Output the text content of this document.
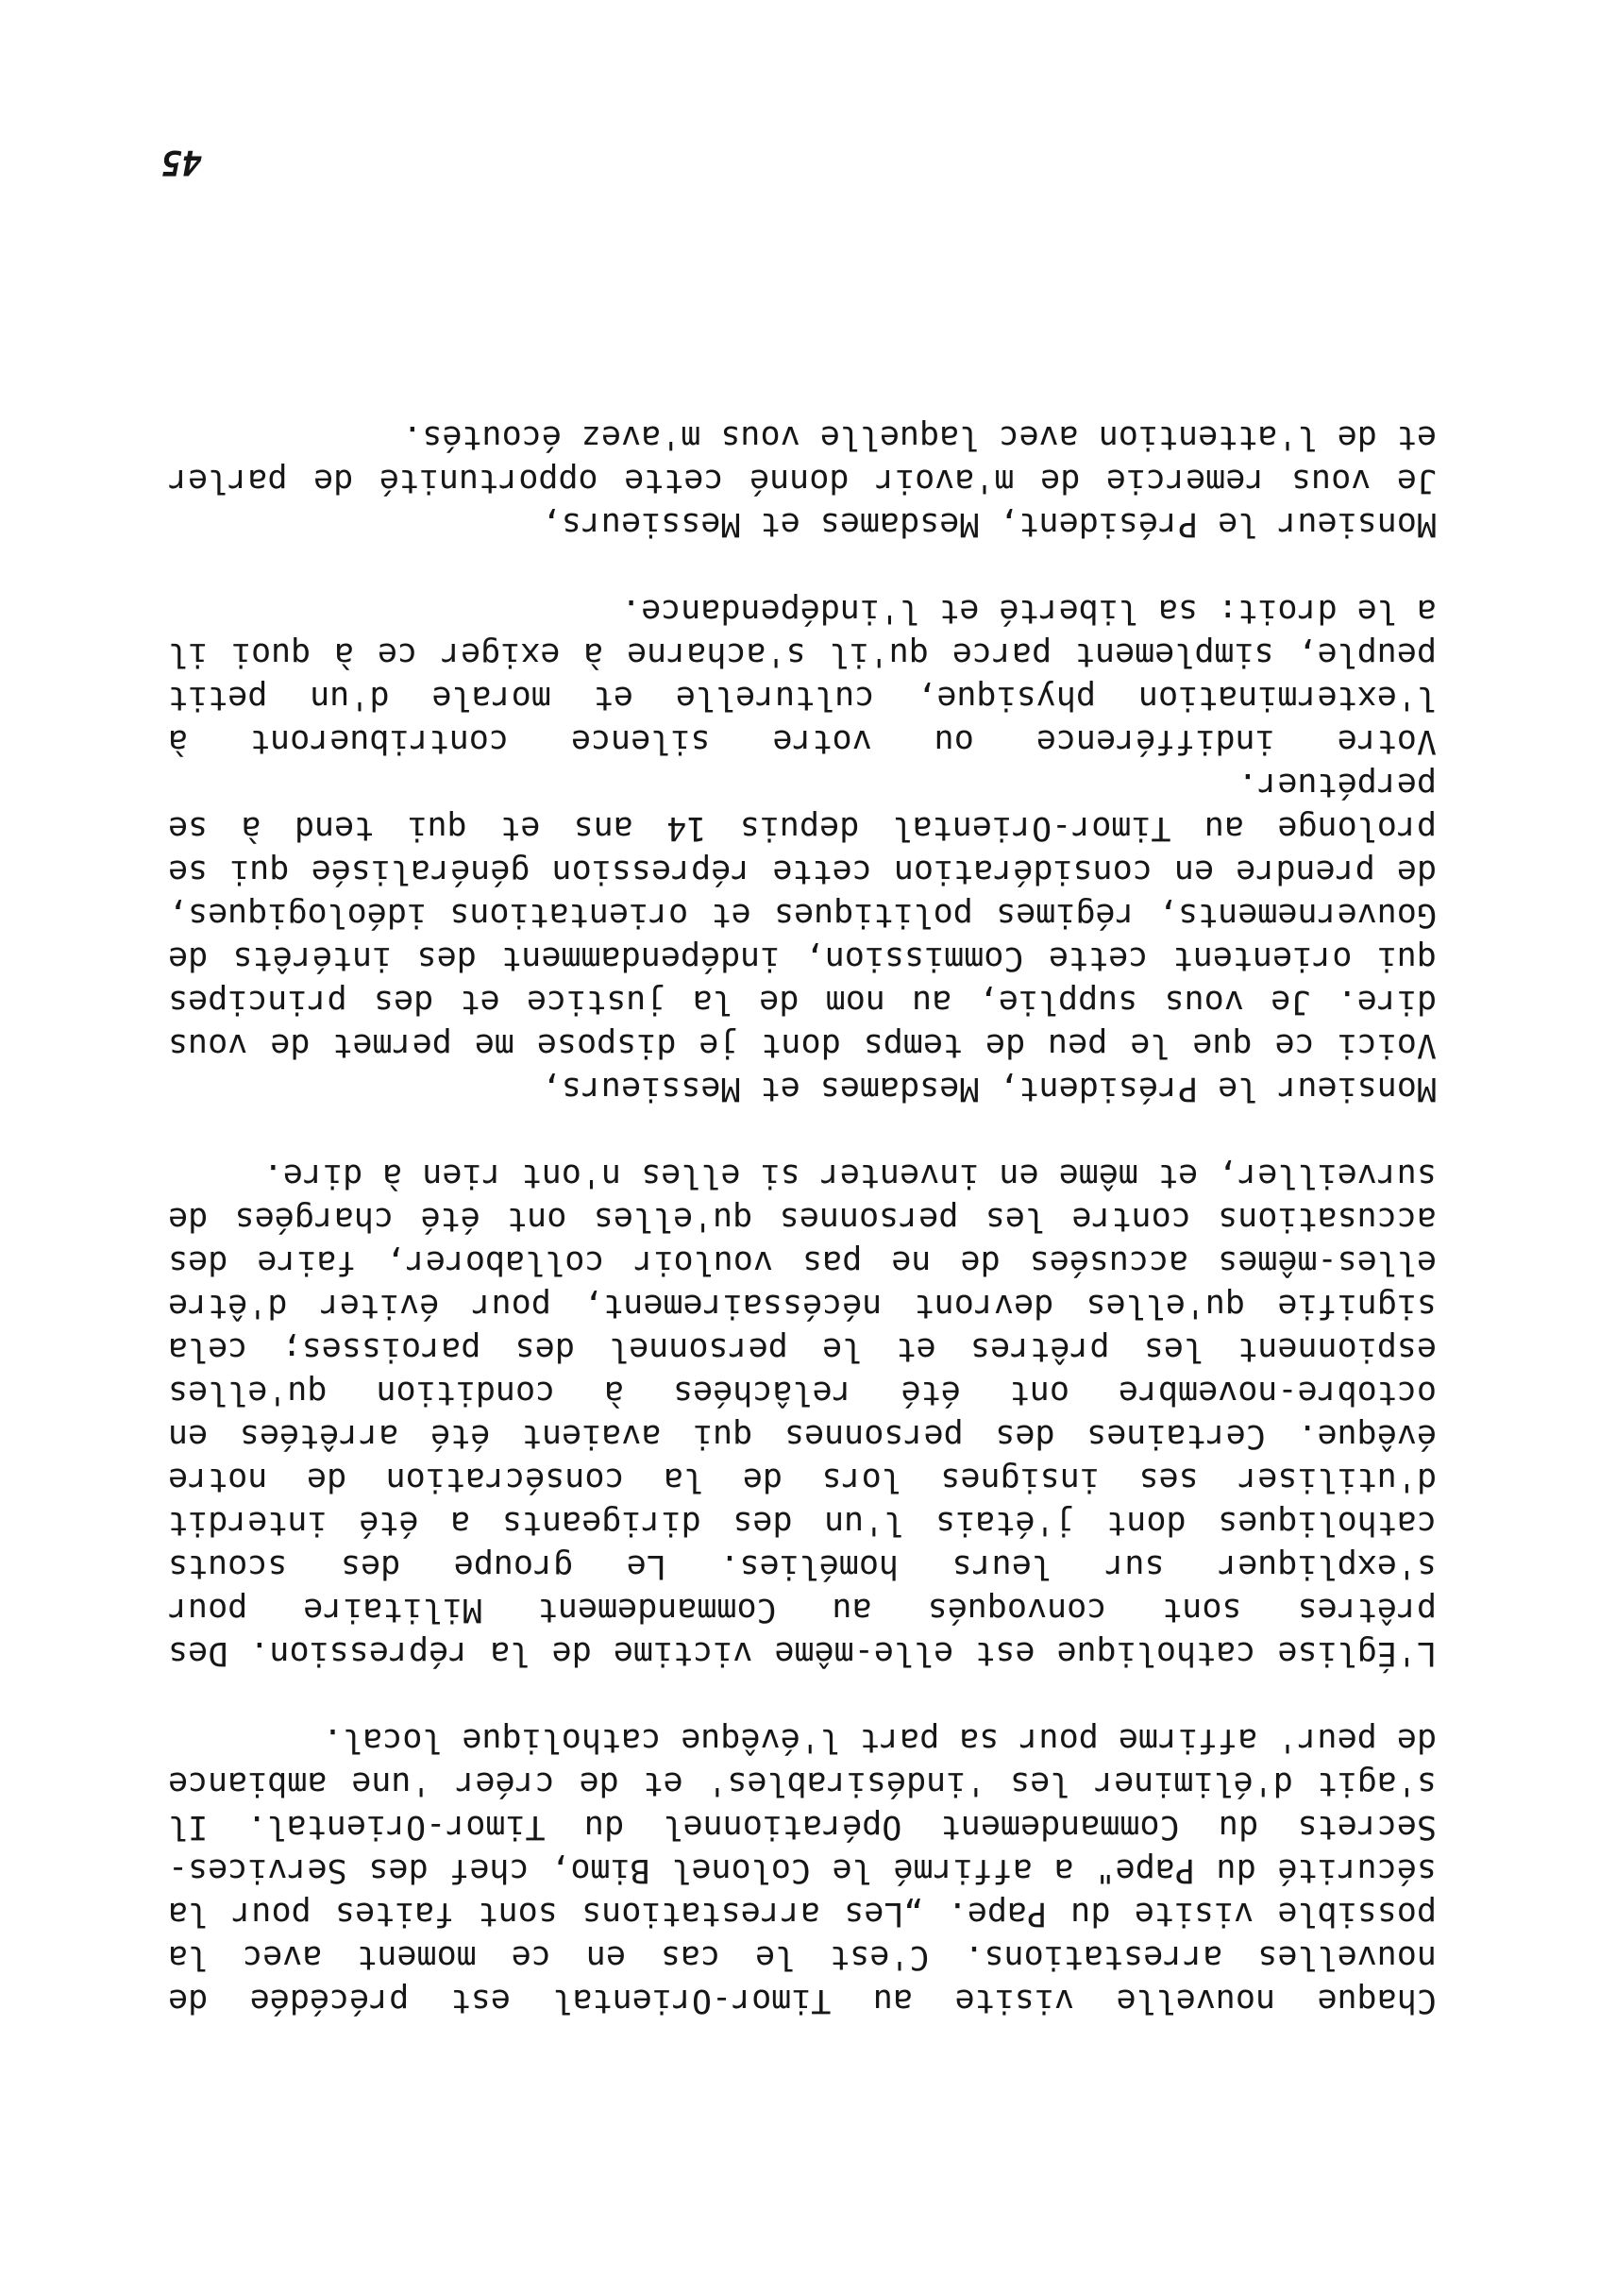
Chaque nouvelle visite au Timor-Oriental est précédée de nouvelles arrestations. C'est le cas en ce moment avec la possible visite du Pape. „Les arrestations sont faites pour la sécurité du Pape" a affirmé le Colonel Bimo, chef des Services-Secrets du Commandement Opérationnel du Timor-Oriental. Il s'agit d'éliminer les 'indésirables' et de créer 'une ambiance de peur' affirme pour sa part l'évêque catholique local.

L'Église catholique est elle-même victime de la répression. Des prêtres sont convoqués au Commandement Militaire pour s'expliquer sur leurs homélies. Le groupe des scouts catholiques dont j'étais l'un des dirigeants a été interdit d'utiliser ses insignes lors de la consécration de notre évêque. Certaines des personnes qui avaient été arrêtées en octobre-novembre ont été relâchées à condition qu'elles espionnent les prêtres et le personnel des paroisses; cela signifie qu'elles devront nécéssairement, pour éviter d'être elles-mêmes accusées de ne pas vouloir collaborer, faire des accusations contre les personnes qu'elles ont été chargées de surveiller, et même en inventer si elles n'ont rien à dire.

Monsieur le Président, Mesdames et Messieurs,

Voici ce que le peu de temps dont je dispose me permet de vous dire. Je vous supplie, au nom de la justice et des principes qui orientent cette Commission, indépendamment des intérêts de Gouvernements, régimes politiques et orientations idéologiques, de prendre en considération cette répression généralisée qui se prolonge au Timor-Oriental depuis 14 ans et qui tend à se perpétuer.

Votre indifférence ou votre silence contribueront à l'extermination physique, culturelle et morale d'un petit peuple, simplement parce qu'il s'acharne à exiger ce à quoi il a le droit: sa liberté et l'indépendance.

Monsieur le Président, Mesdames et Messieurs,

Je vous remercie de m'avoir donné cette opportunité de parler et de l'attention avec laquelle vous m'avez écoutés.

45
